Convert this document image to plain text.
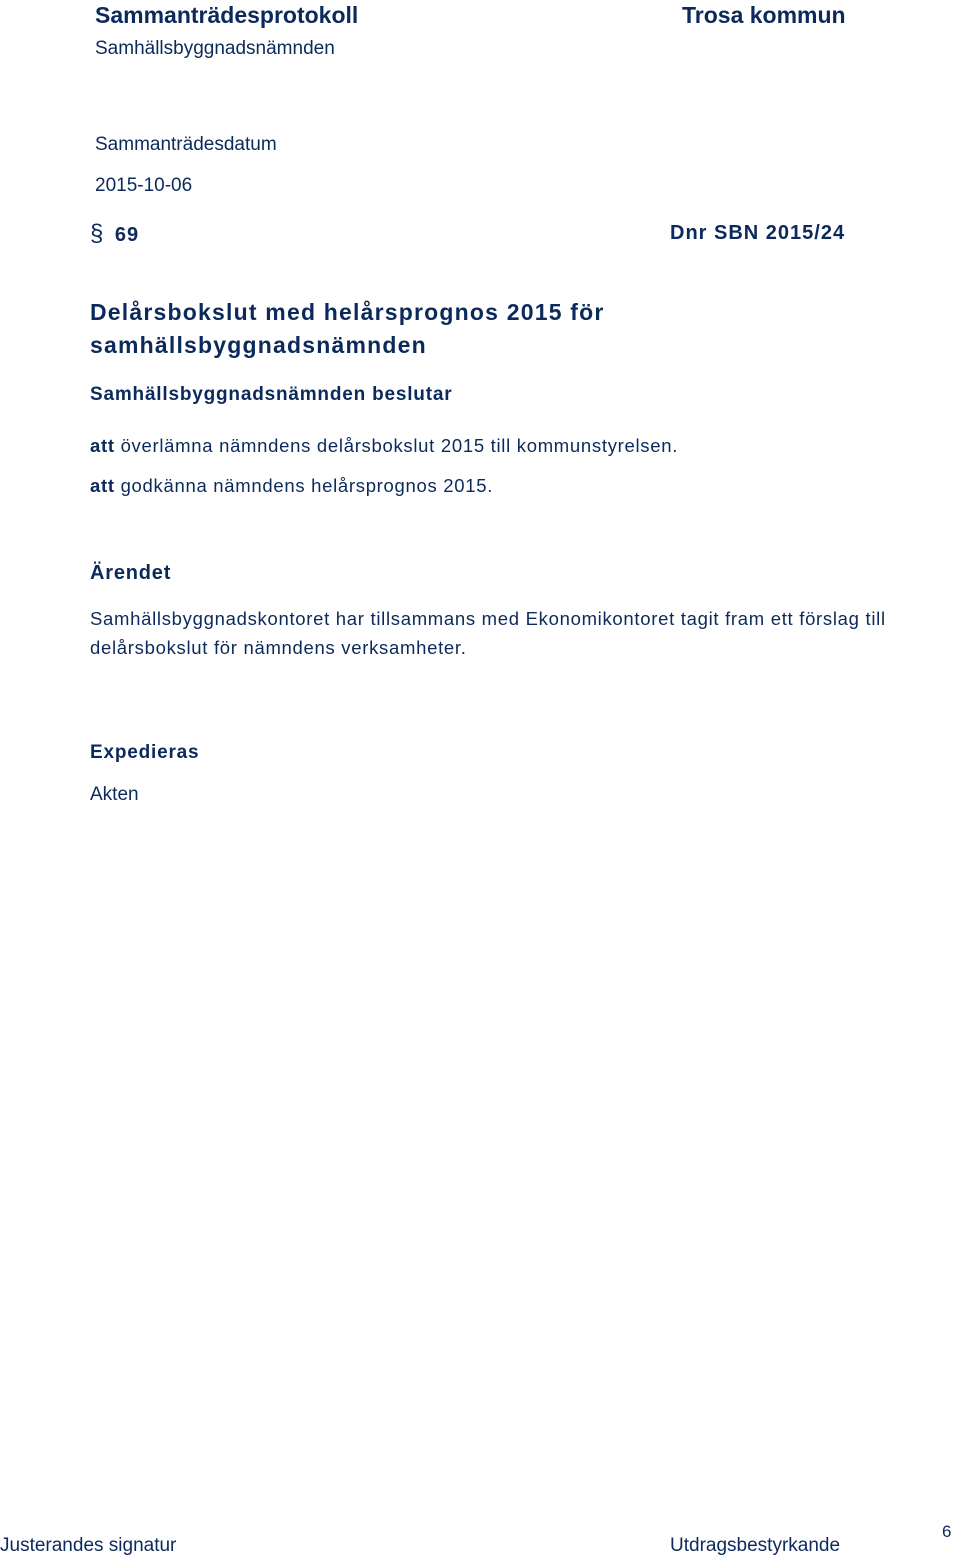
Sammanträdesprotokoll	Trosa kommun
Samhällsbyggnadsnämnden
Sammanträdesdatum
2015-10-06
§ 69	Dnr SBN 2015/24
Delårsbokslut med helårsprognos 2015 för samhällsbyggnadsnämnden
Samhällsbyggnadsnämnden beslutar
att överlämna nämndens delårsbokslut 2015 till kommunstyrelsen.
att godkänna nämndens helårsprognos 2015.
Ärendet
Samhällsbyggnadskontoret har tillsammans med Ekonomikontoret tagit fram ett förslag till delårsbokslut för nämndens verksamheter.
Expedieras
Akten
Justerandes signatur	Utdragsbestyrkande
6
